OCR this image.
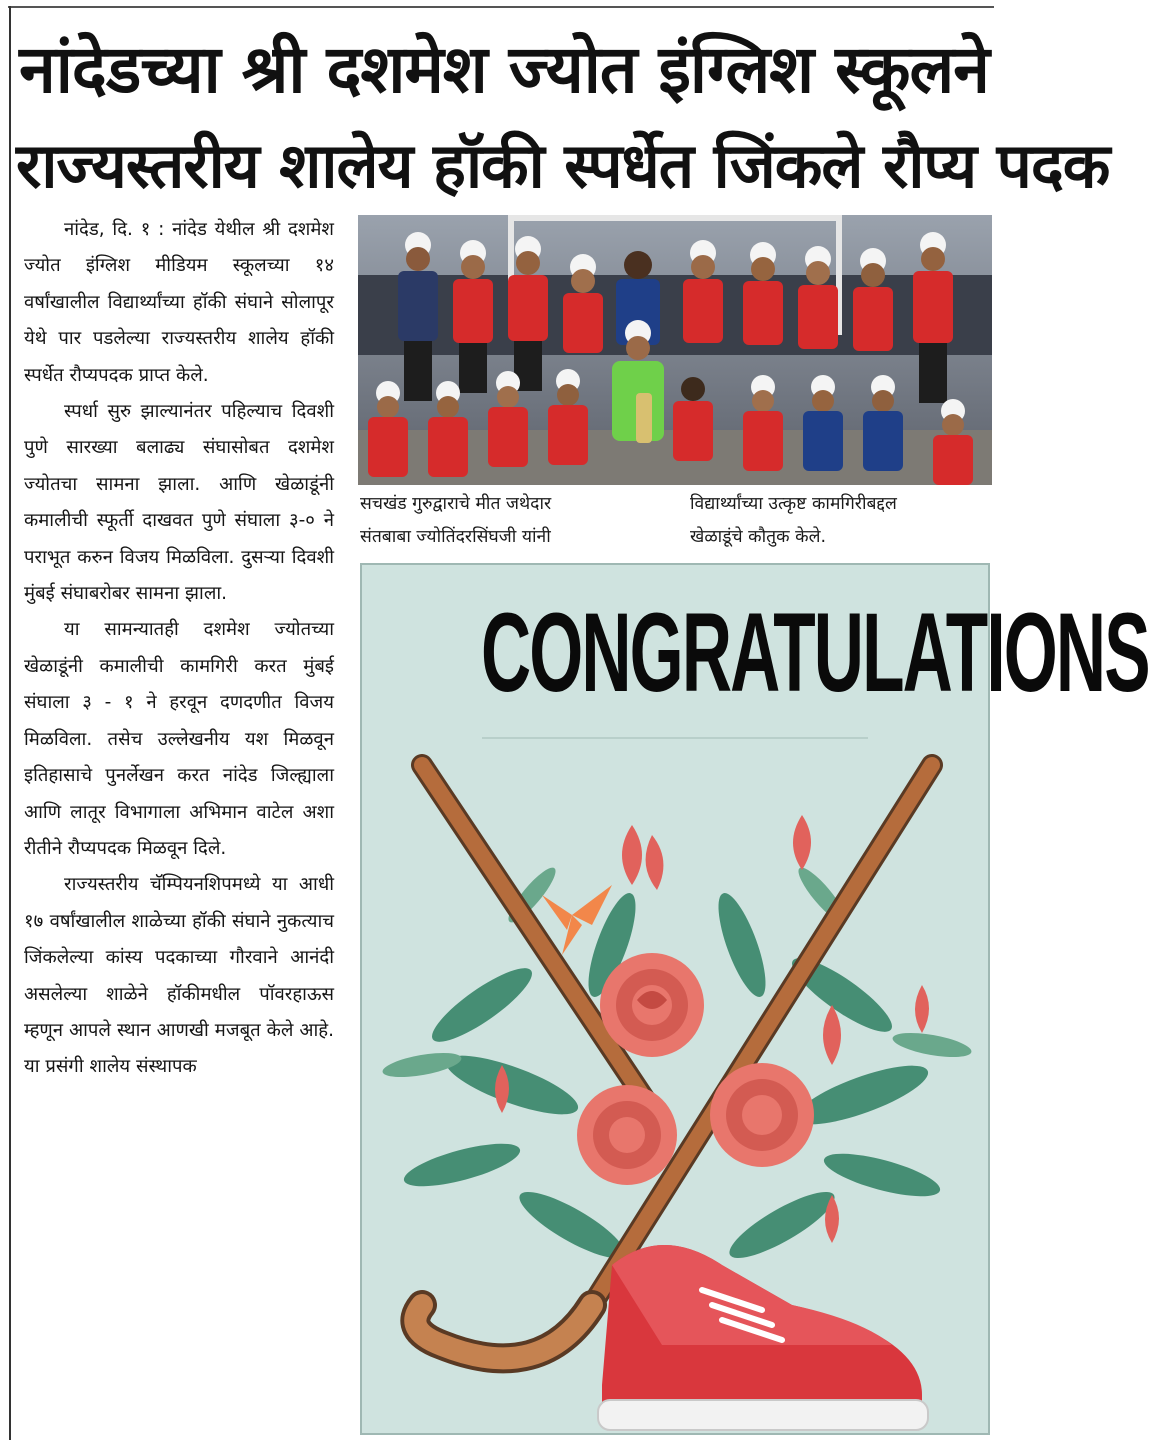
नांदेडच्या श्री दशमेश ज्योत इंग्लिश स्कूलने
राज्यस्तरीय शालेय हॉकी स्पर्धेत जिंकले रौप्य पदक

नांदेड, दि. १ : नांदेड येथील श्री दशमेश ज्योत इंग्लिश मीडियम स्कूलच्या १४ वर्षांखालील विद्यार्थ्यांच्या हॉकी संघाने सोलापूर येथे पार पडलेल्या राज्यस्तरीय शालेय हॉकी स्पर्धेत रौप्यपदक प्राप्त केले.

स्पर्धा सुरु झाल्यानंतर पहिल्याच दिवशी पुणे सारख्या बलाढ्य संघासोबत दशमेश ज्योतचा सामना झाला. आणि खेळाडूंनी कमालीची स्फूर्ती दाखवत पुणे संघाला ३-० ने पराभूत करुन विजय मिळविला. दुसऱ्या दिवशी मुंबई संघाबरोबर सामना झाला.

या सामन्यातही दशमेश ज्योतच्या खेळाडूंनी कमालीची कामगिरी करत मुंबई संघाला ३ - १ ने हरवून दणदणीत विजय मिळविला. तसेच उल्लेखनीय यश मिळवून इतिहासाचे पुनर्लेखन करत नांदेड जिल्ह्याला आणि लातूर विभागाला अभिमान वाटेल अशा रीतीने रौप्यपदक मिळवून दिले.

राज्यस्तरीय चॅम्पियनशिपमध्ये या आधी १७ वर्षांखालील शाळेच्या हॉकी संघाने नुकत्याच जिंकलेल्या कांस्य पदकाच्या गौरवाने आनंदी असलेल्या शाळेने हॉकीमधील पॉवरहाऊस म्हणून आपले स्थान आणखी मजबूत केले आहे. या प्रसंगी शालेय संस्थापक

सचखंड गुरुद्वाराचे मीत जथेदार
संतबाबा ज्योतिंदरसिंघजी यांनी
विद्यार्थ्यांच्या उत्कृष्ट कामगिरीबद्दल
खेळाडूंचे कौतुक केले.
CONGRATULATIONS
